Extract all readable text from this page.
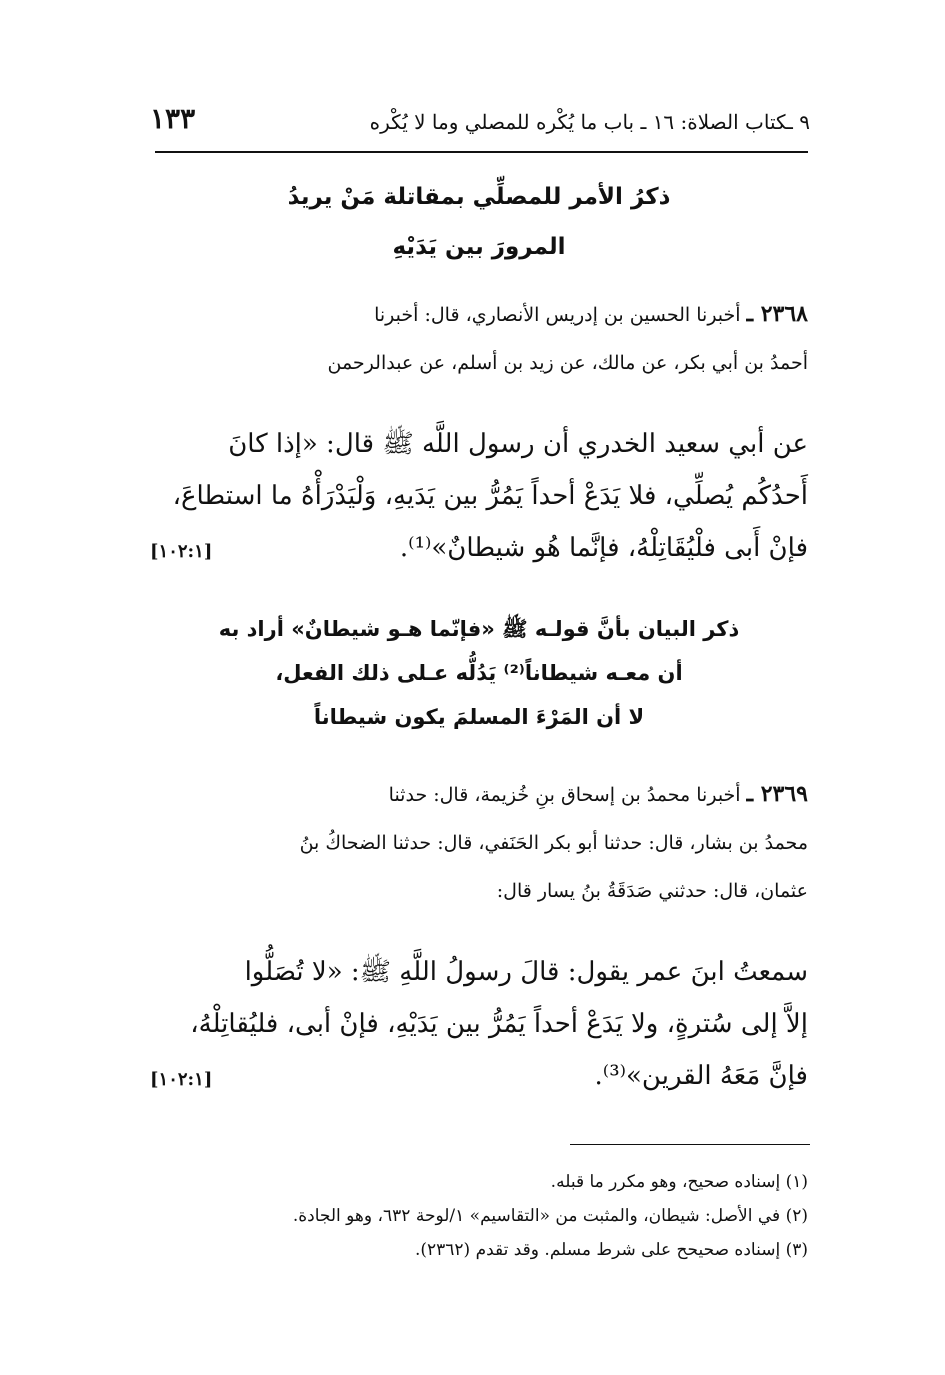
٩ ـكتاب الصلاة: ١٦ ـ باب ما يُكْره للمصلي وما لا يُكْره
١٣٣
ذكرُ الأمر للمصلِّي بمقاتلة مَنْ يريدُ
المرورَ بين يَدَيْهِ
٢٣٦٨ ـ أخبرنا الحسين بن إدريس الأنصاري، قال: أخبرنا
أحمدُ بن أبي بكر، عن مالك، عن زيد بن أسلم، عن عبدالرحمن
عن أبي سعيد الخدري أن رسول اللَّه ﷺ قال: «إذا كانَ
أَحدُكُم يُصلِّي، فلا يَدَعْ أحداً يَمُرُّ بين يَدَيهِ، وَلْيَدْرَأْهُ ما استطاعَ،
فإنْ أَبى فلْيُقَاتِلْهُ، فإنَّما هُو شيطانٌ»⁽¹⁾.
[١٠٢:١]
ذكر البيان بأنَّ قولـه ﷺ «فإنّما هـو شيطانٌ» أراد به
أن معـه شيطاناً⁽²⁾ يَدُلُّه عـلى ذلك الفعل،
لا أن المَرْءَ المسلمَ يكون شيطاناً
٢٣٦٩ ـ أخبرنا محمدُ بن إسحاق بنِ خُزيمة، قال: حدثنا
محمدُ بن بشار، قال: حدثنا أبو بكر الحَنَفي، قال: حدثنا الضحاكُ بنُ
عثمان، قال: حدثني صَدَقَةُ بنُ يسار قال:
سمعتُ ابنَ عمر يقول: قالَ رسولُ اللَّهِ ﷺ: «لا تُصَلُّوا
إلاَّ إلى سُترةٍ، ولا يَدَعْ أحداً يَمُرُّ بين يَدَيْهِ، فإنْ أبى، فليُقاتِلْهُ،
فإنَّ مَعَهُ القرين»⁽³⁾.
[١٠٢:١]
(١) إسناده صحيح، وهو مكرر ما قبله.
(٢) في الأصل: شيطان، والمثبت من «التقاسيم» ١/لوحة ٦٣٢، وهو الجادة.
(٣) إسناده صحيحح على شرط مسلم. وقد تقدم (٢٣٦٢).
